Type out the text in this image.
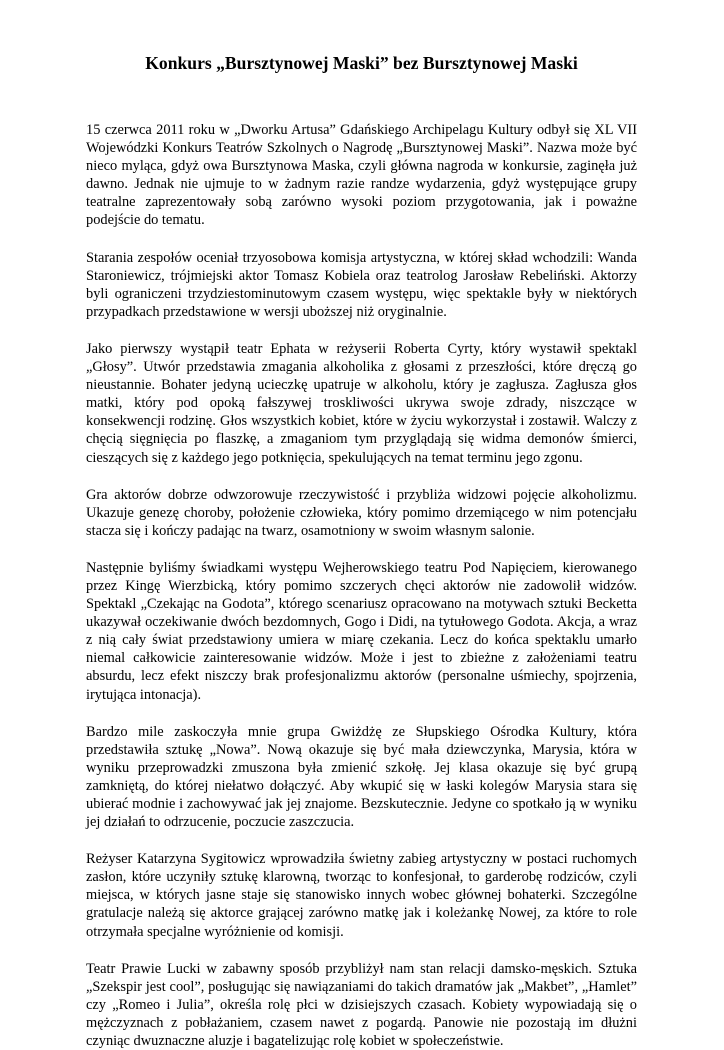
Konkurs „Bursztynowej Maski” bez Bursztynowej Maski

15 czerwca 2011 roku w „Dworku Artusa” Gdańskiego Archipelagu Kultury odbył się XL VII Wojewódzki Konkurs Teatrów Szkolnych o Nagrodę „Bursztynowej Maski”. Nazwa może być nieco myląca, gdyż owa Bursztynowa Maska, czyli główna nagroda w konkursie, zaginęła już dawno. Jednak nie ujmuje to w żadnym razie randze wydarzenia, gdyż występujące grupy teatralne zaprezentowały sobą zarówno wysoki poziom przygotowania, jak i poważne podejście do tematu.

Starania zespołów oceniał trzyosobowa komisja artystyczna, w której skład wchodzili: Wanda Staroniewicz, trójmiejski aktor Tomasz Kobiela oraz teatrolog Jarosław Rebeliński. Aktorzy byli ograniczeni trzydziestominutowym czasem występu, więc spektakle były w niektórych przypadkach przedstawione w wersji uboższej niż oryginalnie.

Jako pierwszy wystąpił teatr Ephata w reżyserii Roberta Cyrty, który wystawił spektakl „Głosy”. Utwór przedstawia zmagania alkoholika z głosami z przeszłości, które dręczą go nieustannie. Bohater jedyną ucieczkę upatruje w alkoholu, który je zagłusza. Zagłusza głos matki, który pod opoką fałszywej troskliwości ukrywa swoje zdrady, niszczące w konsekwencji rodzinę. Głos wszystkich kobiet, które w życiu wykorzystał i zostawił. Walczy z chęcią sięgnięcia po flaszkę, a zmaganiom tym przyglądają się widma demonów śmierci, cieszących się z każdego jego potknięcia, spekulujących na temat terminu jego zgonu.

Gra aktorów dobrze odwzorowuje rzeczywistość i przybliża widzowi pojęcie alkoholizmu. Ukazuje genezę choroby, położenie człowieka, który pomimo drzemiącego w nim potencjału stacza się i kończy padając na twarz, osamotniony w swoim własnym salonie.

Następnie byliśmy świadkami występu Wejherowskiego teatru Pod Napięciem, kierowanego przez Kingę Wierzbicką, który pomimo szczerych chęci aktorów nie zadowolił widzów. Spektakl „Czekając na Godota”, którego scenariusz opracowano na motywach sztuki Becketta ukazywał oczekiwanie dwóch bezdomnych, Gogo i Didi, na tytułowego Godota. Akcja, a wraz z nią cały świat przedstawiony umiera w miarę czekania. Lecz do końca spektaklu umarło niemal całkowicie zainteresowanie widzów. Może i jest to zbieżne z założeniami teatru absurdu, lecz efekt niszczy brak profesjonalizmu aktorów (personalne uśmiechy, spojrzenia, irytująca intonacja).

Bardzo mile zaskoczyła mnie grupa Gwiżdżę ze Słupskiego Ośrodka Kultury, która przedstawiła sztukę „Nowa”. Nową okazuje się być mała dziewczynka, Marysia, która w wyniku przeprowadzki zmuszona była zmienić szkołę. Jej klasa okazuje się być grupą zamkniętą, do której niełatwo dołączyć. Aby wkupić się w łaski kolegów Marysia stara się ubierać modnie i zachowywać jak jej znajome. Bezskutecznie. Jedyne co spotkało ją w wyniku jej działań to odrzucenie, poczucie zaszczucia.

Reżyser Katarzyna Sygitowicz wprowadziła świetny zabieg artystyczny w postaci ruchomych zasłon, które uczyniły sztukę klarowną, tworząc to konfesjonał, to garderobę rodziców, czyli miejsca, w których jasne staje się stanowisko innych wobec głównej bohaterki. Szczególne gratulacje należą się aktorce grającej zarówno matkę jak i koleżankę Nowej, za które to role otrzymała specjalne wyróżnienie od komisji.

Teatr Prawie Lucki w zabawny sposób przybliżył nam stan relacji damsko-męskich. Sztuka „Szekspir jest cool”, posługując się nawiązaniami do takich dramatów jak „Makbet”, „Hamlet” czy „Romeo i Julia”, określa rolę płci w dzisiejszych czasach. Kobiety wypowiadają się o mężczyznach z pobłażaniem, czasem nawet z pogardą. Panowie nie pozostają im dłużni czyniąc dwuznaczne aluzje i bagatelizując rolę kobiet w społeczeństwie.
